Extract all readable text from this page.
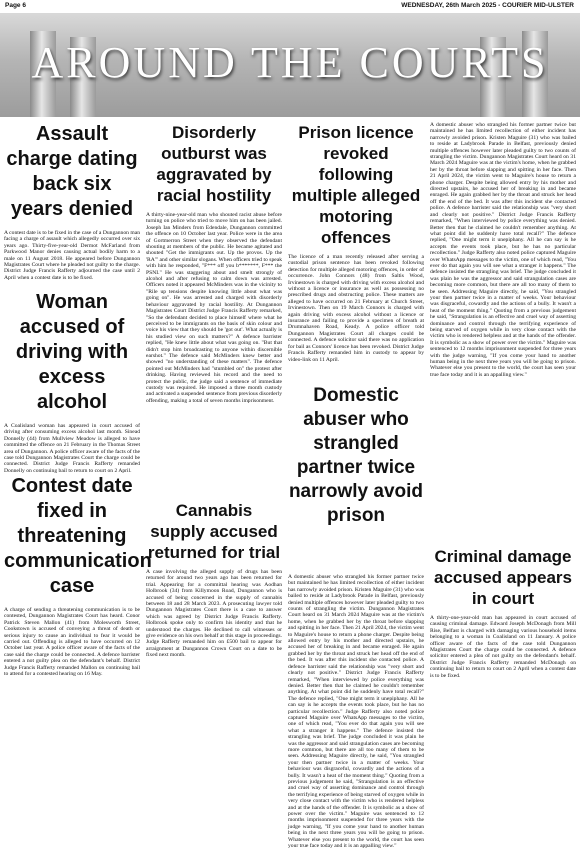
Page 6	WEDNESDAY, 26th March 2025 - COURIER MID-ULSTER
AROUND THE COURTS
Assault charge dating back six years denied

A contest date is to be fixed in the case of a Dungannon man facing a charge of assault which allegedly occurred over six years ago. Thirty-five-year-old Dermot McFarland from Parkwood Manor denies causing actual bodily harm to a male on 11 August 2018. He appeared before Dungannon Magistrates Court where he pleaded not guilty to the charge. District Judge Francis Rafferty adjourned the case until 2 April when a contest date is to be fixed.

Woman accused of driving with excess alcohol

A Coalisland woman has appeared in court accused of driving after consuming excess alcohol last month. Sinead Donnelly (44) from Mullview Meadow is alleged to have committed the offence on 21 February in the Thomas Street area of Dungannon. A police officer aware of the facts of the case told Dungannon Magistrates Court the charge could be connected. District Judge Francis Rafferty remanded Donnelly on continuing bail to return to court on 2 April.

Contest date fixed in threatening communication case

A charge of sending a threatening communication is to be contested, Dungannon Magistrates Court has heard. Conor Patrick Steven Mallon (41) from Molesworth Street, Cookstown is accused of conveying a threat of death or serious injury to cause an individual to fear it would be carried out. Offending is alleged to have occurred on 12 October last year. A police officer aware of the facts of the case said the charge could be connected. A defence barrister entered a not guilty plea on the defendant's behalf. District Judge Francis Rafferty remanded Mallon on continuing bail to attend for a contested hearing on 16 May.

Disorderly outburst was aggravated by racial hostility

A thirty-nine-year-old man who shouted racist abuse before turning on police who tried to move him on has been jailed. Joseph Ian Minders from Edendale, Dungannon committed the offence on 10 October last year. Police were in the area of Gortmerron Street when they observed the defendant shouting at members of the public. He became agitated and shouted "Get the immigrants out. Up the provos. Up the 'RA'" and other similar slogans. When officers tried to speak with him he responded, "F*** off you b*******, F*** the PSNI." He was staggering about and smelt strongly of alcohol and after refusing to calm down was arrested. Officers noted it appeared McMinders was in the vicinity to "Rile up tensions despite knowing little about what was going on". He was arrested and charged with disorderly behaviour aggravated by racial hostility. At Dungannon Magistrates Court District Judge Francis Rafferty remarked, "So the defendant decided to place himself where what he perceived to be immigrants on the basis of skin colour and voice his view that they should be 'got out'. What actually is his studied view on such matters?" A defence barrister replied, "He knew little about what was going on. "But that didn't stop him broadcasting to anyone within discernible earshot." The defence said McMinders knew better and showed "no understanding of these matters". The defence pointed out McMinders had "stumbled on" the protest after drinking. Having reviewed his record and the need to protect the public, the judge said a sentence of immediate custody was required. He imposed a three month custody and activated a suspended sentence from previous disorderly offending, making a total of seven months imprisonment.

Cannabis supply accused returned for trial

A case involving the alleged supply of drugs has been returned for around two years ago has been returned for trial. Appearing for a committal hearing was Aodhan Holbrook (34) from Killymoon Road, Dungannon who is accused of being concerned in the supply of cannabis between 18 and 28 March 2023. A prosecuting lawyer told Dungannon Magistrates Court there is a case to answer which was agreed by District Judge Francis Rafferty. Holbrook spoke only to confirm his identity and that he understood the charges. He declined to call witnesses or give evidence on his own behalf at this stage in proceedings. Judge Rafferty remanded him on £500 bail to appear for arraignment at Dungannon Crown Court on a date to be fixed next month.

Prison licence revoked following multiple alleged motoring offences

The licence of a man recently released after serving a custodial prison sentence has been revoked following detection for multiple alleged motoring offences, in order of occurrence. John Connors (48) from Saltis Wood, Irvinestown is charged with driving with excess alcohol and without a licence or insurance as well as possessing no prescribed drugs and obstructing police. These matters are alleged to have occurred on 21 February at Church Street, Irvinestown. Then on 19 March Connors is charged with again driving with excess alcohol without a licence or insurance and failing to provide a specimen of breath at Drumnahaven Road, Keady. A police officer told Dungannon Magistrates Court all charges could be connected. A defence solicitor said there was no application for bail as Connors' licence has been revoked. District Judge Francis Rafferty remanded him in custody to appear by video-link on 11 April.

Domestic abuser who strangled partner twice narrowly avoid prison

A domestic abuser who strangled his former partner twice but maintained he has limited recollection of either incident has narrowly avoided prison. Kristen Maguire (31) who was bailed to reside at Ladybrook Parade in Belfast, previously denied multiple offences however later pleaded guilty to two counts of strangling the victim. Dungannon Magistrates Court heard on 31 March 2024 Maguire was at the victim's home, when he grabbed her by the throat before slapping and spitting in her face. Then 21 April 2024, the victim went to Maguire's house to return a phone charger. Despite being allowed entry by his mother and directed upstairs, he accused her of breaking in and became enraged. He again grabbed her by the throat and struck her head off the end of the bed. It was after this incident she contacted police. A defence barrister said the relationship was "very short and clearly not positive." District Judge Francis Rafferty remarked, "When interviewed by police everything was denied. Better then that he claimed he couldn't remember anything. At what point did he suddenly have total recall?" The defence replied, "One might term it unepiphany. All he can say is he accepts the events took place, but he has no particular recollection." Judge Rafferty also noted police captured Maguire over WhatsApp messages to the victim, one of which read, "You ever do that again you will see what a stranger it happens." The defence insisted the strangling was brief. The judge concluded it was plain he was the aggressor and said strangulation cases are becoming more common, but there are all too many of them to be seen. Addressing Maguire directly, he said, "You strangled your then partner twice in a matter of weeks. Your behaviour was disgraceful, cowardly and the actions of a bully. It wasn't a heat of the moment thing." Quoting from a previous judgement he said, "Strangulation is an effective and cruel way of asserting dominance and control through the terrifying experience of being starved of oxygen while in very close contact with the victim who is rendered helpless and at the hands of the offender. It is symbolic as a show of power over the victim." Maguire was sentenced to 12 months imprisonment suspended for three years with the judge warning, "If you come your hand to another human being in the next three years you will be going to prison. Whatever else you present to the world, the court has seen your true face today and it is an appalling view."

A domestic abuser who strangled his former partner twice but maintained he has limited recollection of either incident has narrowly avoided prison. Kristen Maguire (31) who was bailed to reside at Ladybrook Parade in Belfast, previously denied multiple offences however later pleaded guilty to two counts of strangling the victim. Dungannon Magistrates Court heard on 31 March 2024 Maguire was at the victim's home, when he grabbed her by the throat before slapping and spitting in her face. Then 21 April 2024, the victim went to Maguire's house to return a phone charger. Despite being allowed entry by his mother and directed upstairs, he accused her of breaking in and became enraged. He again grabbed her by the throat and struck her head off the end of the bed. It was after this incident she contacted police. A defence barrister said the relationship was "very short and clearly not positive." District Judge Francis Rafferty remarked, "When interviewed by police everything was denied. Better then that he claimed he couldn't remember anything. At what point did he suddenly have total recall?" The defence replied, "One might term it unepiphany. All he can say is he accepts the events took place, but he has no particular recollection." Judge Rafferty also noted police captured Maguire over WhatsApp messages to the victim, one of which read, "You ever do that again you will see what a stranger it happens." The defence insisted the strangling was brief. The judge concluded it was plain he was the aggressor and said strangulation cases are becoming more common, but there are all too many of them to be seen. Addressing Maguire directly, he said, "You strangled your then partner twice in a matter of weeks. Your behaviour was disgraceful, cowardly and the actions of a bully. It wasn't a heat of the moment thing." Quoting from a previous judgement he said, "Strangulation is an effective and cruel way of asserting dominance and control through the terrifying experience of being starved of oxygen while in very close contact with the victim who is rendered helpless and at the hands of the offender. It is symbolic as a show of power over the victim." Maguire was sentenced to 12 months imprisonment suspended for three years with the judge warning, "If you come your hand to another human being in the next three years you will be going to prison. Whatever else you present to the world, the court has seen your true face today and it is an appalling view."

Criminal damage accused appears in court

A thirty-one-year-old man has appeared in court accused of causing criminal damage. Edward Joseph McDonagh from Mill Rise, Belfast is charged with damaging various household items belonging to a woman in Coalisland on 11 January. A police officer aware of the facts of the case told Dungannon Magistrates Court the charge could be connected. A defence solicitor entered a plea of not guilty on the defendant's behalf. District Judge Francis Rafferty remanded McDonagh on continuing bail to return to court on 2 April when a contest date is to be fixed.
